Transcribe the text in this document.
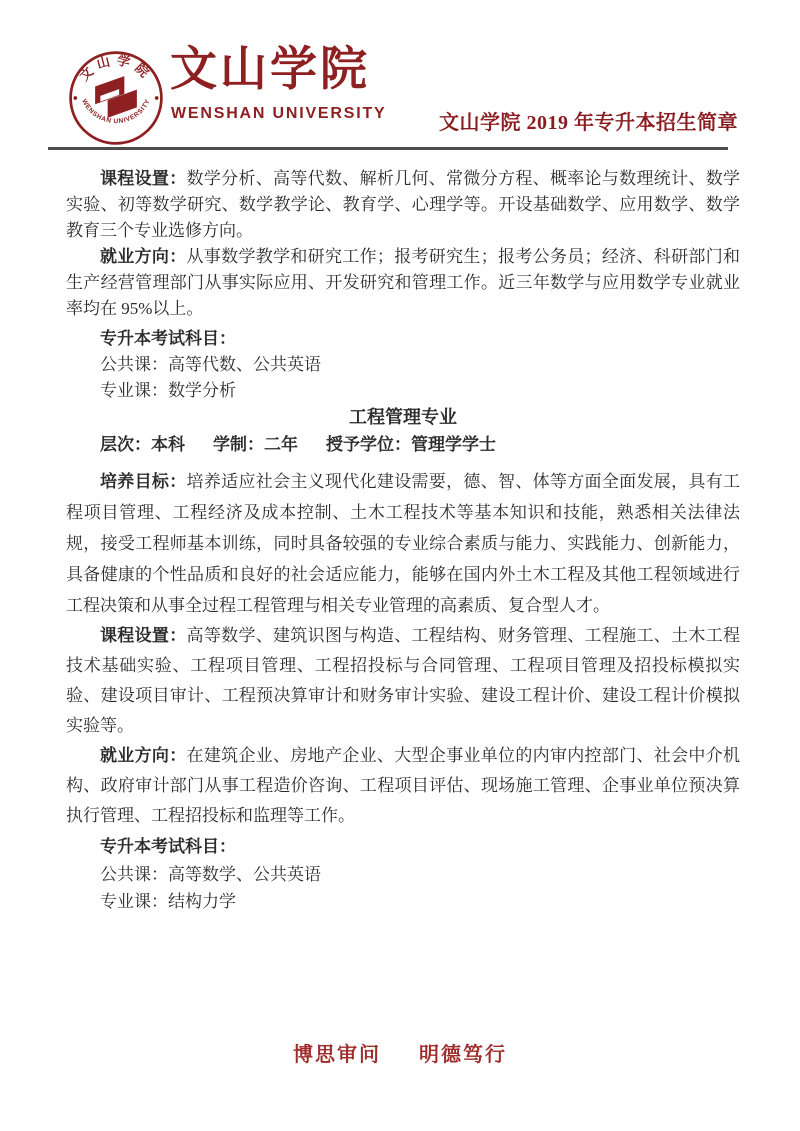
文山学院
WENSHAN UNIVERSITY
文山学院
WENSHAN UNIVERSITY	文山学院 2019 年专升本招生简章

课程设置：数学分析、高等代数、解析几何、常微分方程、概率论与数理统计、数学实验、初等数学研究、数学教学论、教育学、心理学等。开设基础数学、应用数学、数学教育三个专业选修方向。

就业方向：从事数学教学和研究工作；报考研究生；报考公务员；经济、科研部门和生产经营管理部门从事实际应用、开发研究和管理工作。近三年数学与应用数学专业就业率均在 95%以上。

专升本考试科目：

公共课：高等代数、公共英语

专业课：数学分析

工程管理专业

层次：本科 学制：二年 授予学位：管理学学士

培养目标：培养适应社会主义现代化建设需要，德、智、体等方面全面发展，具有工程项目管理、工程经济及成本控制、土木工程技术等基本知识和技能，熟悉相关法律法规，接受工程师基本训练，同时具备较强的专业综合素质与能力、实践能力、创新能力，具备健康的个性品质和良好的社会适应能力，能够在国内外土木工程及其他工程领域进行工程决策和从事全过程工程管理与相关专业管理的高素质、复合型人才。

课程设置：高等数学、建筑识图与构造、工程结构、财务管理、工程施工、土木工程技术基础实验、工程项目管理、工程招投标与合同管理、工程项目管理及招投标模拟实验、建设项目审计、工程预决算审计和财务审计实验、建设工程计价、建设工程计价模拟实验等。

就业方向：在建筑企业、房地产企业、大型企事业单位的内审内控部门、社会中介机构、政府审计部门从事工程造价咨询、工程项目评估、现场施工管理、企事业单位预决算执行管理、工程招投标和监理等工作。

专升本考试科目：

公共课：高等数学、公共英语

专业课：结构力学

博思审问 明德笃行
